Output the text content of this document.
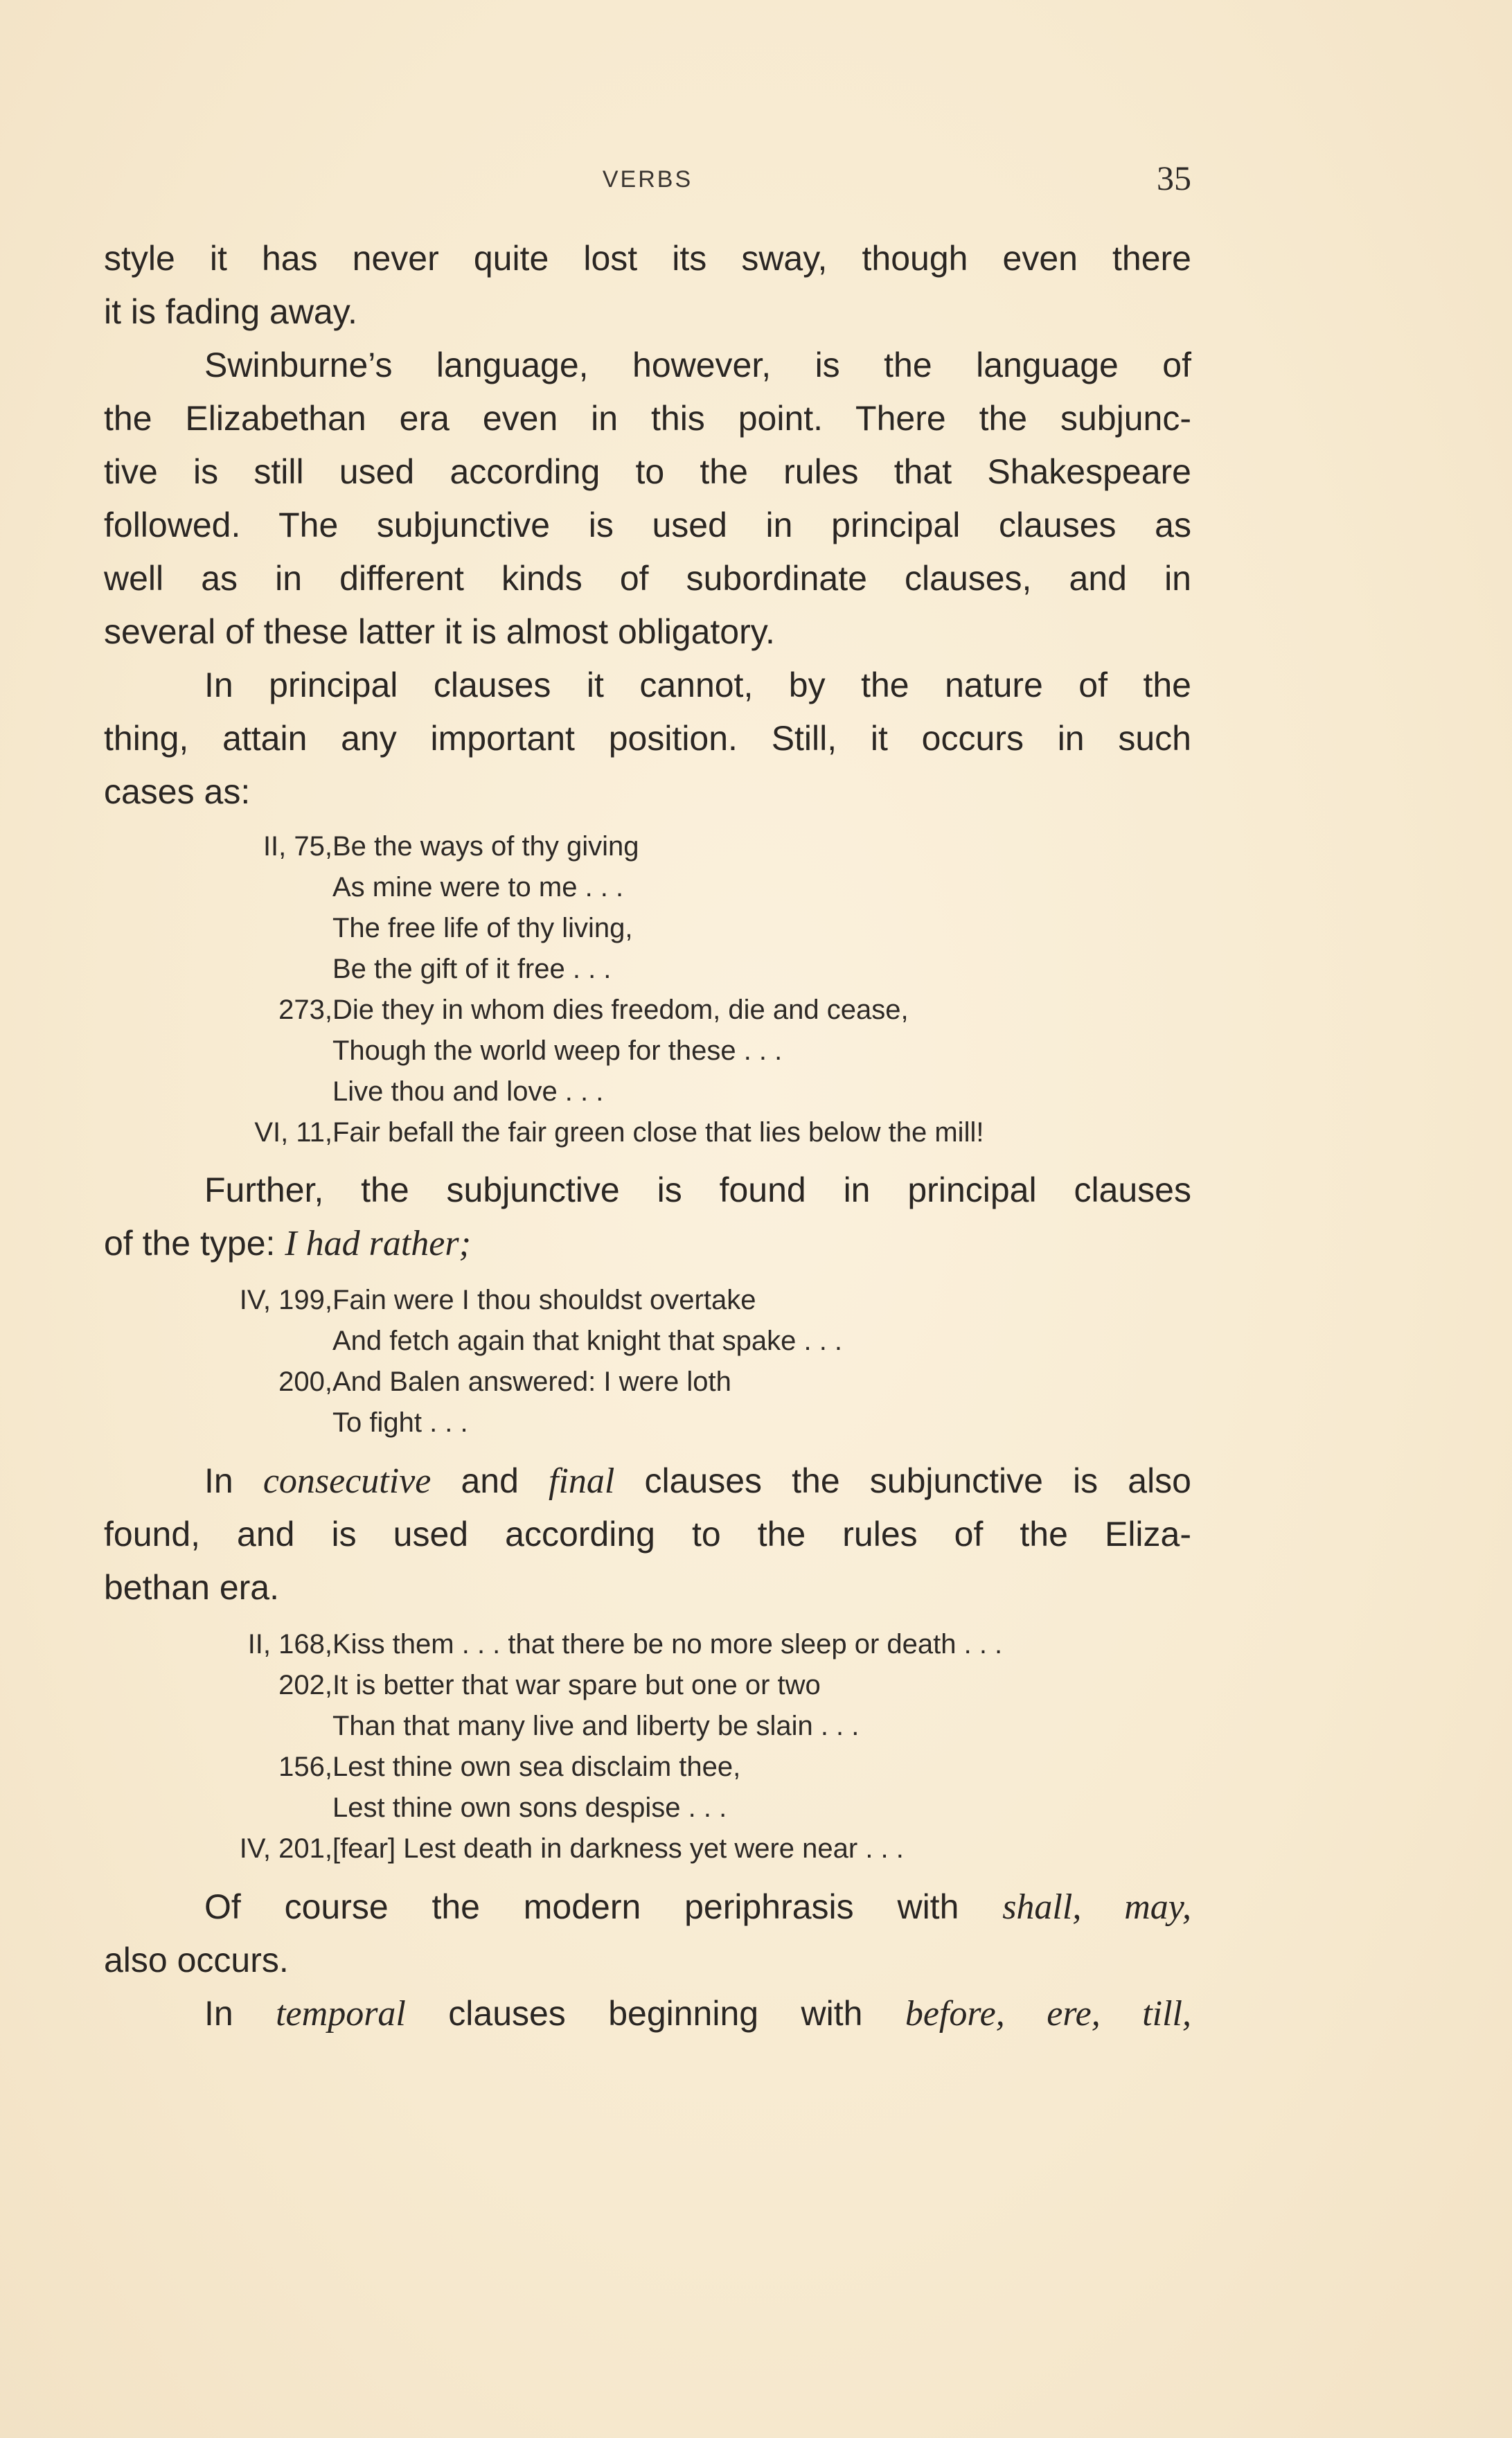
VERBS	35
style it has never quite lost its sway, though even there
it is fading away.
Swinburne’s language, however, is the language of
the Elizabethan era even in this point. There the subjunc-
tive is still used according to the rules that Shakespeare
followed. The subjunctive is used in principal clauses as
well as in different kinds of subordinate clauses, and in
several of these latter it is almost obligatory.
In principal clauses it cannot, by the nature of the
thing, attain any important position. Still, it occurs in such
cases as:
II, 75, Be the ways of thy giving
As mine were to me . . .
The free life of thy living,
Be the gift of it free . . .
273, Die they in whom dies freedom, die and cease,
Though the world weep for these . . .
Live thou and love . . .
VI, 11, Fair befall the fair green close that lies below the mill!
Further, the subjunctive is found in principal clauses
of the type: I had rather;
IV, 199, Fain were I thou shouldst overtake
And fetch again that knight that spake . . .
200, And Balen answered: I were loth
To fight . . .
In consecutive and final clauses the subjunctive is also
found, and is used according to the rules of the Eliza-
bethan era.
II, 168, Kiss them . . . that there be no more sleep or death . . .
202, It is better that war spare but one or two
Than that many live and liberty be slain . . .
156, Lest thine own sea disclaim thee,
Lest thine own sons despise . . .
IV, 201, [fear] Lest death in darkness yet were near . . .
Of course the modern periphrasis with shall, may,
also occurs.
In temporal clauses beginning with before, ere, till,
